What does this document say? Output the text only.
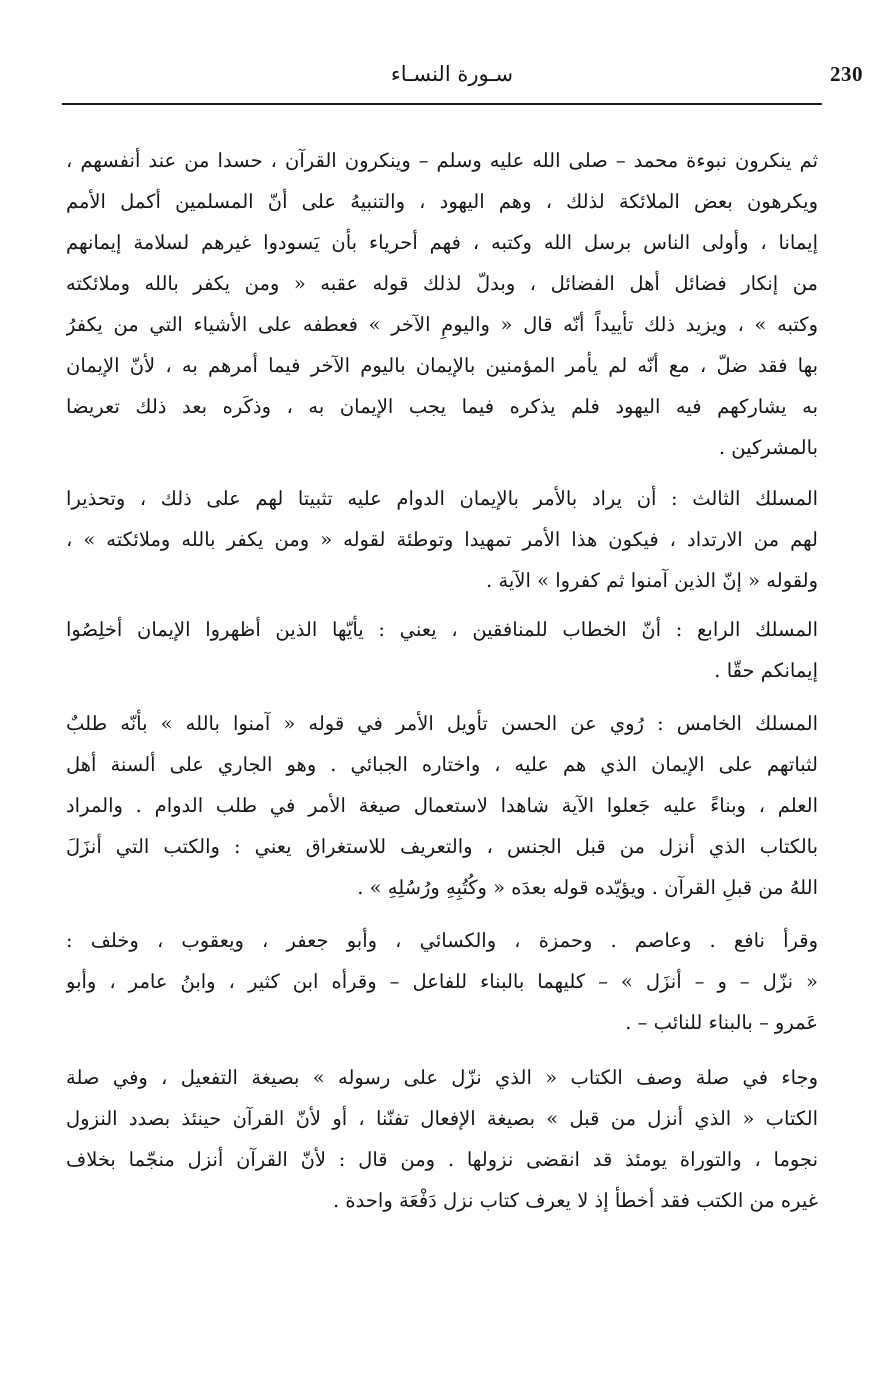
230
سـورة النسـاء
ثم ينكرون نبوءة محمد – صلى الله عليه وسلم – وينكرون القرآن ، حسدا من عند أنفسهم ،
ويكرهون بعض الملائكة لذلك ، وهم اليهود ، والتنبيهُ على أنّ المسلمين أكمل الأمم
إيمانا ، وأولى الناس برسل الله وكتبه ، فهم أحرياء بأن يَسودوا غيرهم لسلامة إيمانهم
من إنكار فضائل أهل الفضائل ، وبدلّ لذلك قوله عقبه « ومن يكفر بالله وملائكته
وكتبه » ، ويزيد ذلك تأييداً أنّه قال « واليومِ الآخر » فعطفه على الأشياء التي من يكفرُ
بها فقد ضلّ ، مع أنّه لم يأمر المؤمنين بالإيمان باليوم الآخر فيما أمرهم به ، لأنّ الإيمان
به يشاركهم فيه اليهود فلم يذكره فيما يجب الإيمان به ، وذكَره بعد ذلك تعريضا
بالمشركين .
المسلك الثالث : أن يراد بالأمر بالإيمان الدوام عليه تثبيتا لهم على ذلك ، وتحذيرا
لهم من الارتداد ، فيكون هذا الأمر تمهيدا وتوطئة لقوله « ومن يكفر بالله وملائكته » ،
ولقوله « إنّ الذين آمنوا ثم كفروا » الآية .
المسلك الرابع : أنّ الخطاب للمنافقين ، يعني : يأيّها الذين أظهروا الإيمان أخلِصُوا
إيمانكم حقّا .
المسلك الخامس : رُوي عن الحسن تأويل الأمر في قوله « آمنوا بالله » بأنّه طلبٌ
لثباتهم على الإيمان الذي هم عليه ، واختاره الجبائي . وهو الجاري على ألسنة أهل
العلم ، وبناءً عليه جَعلوا الآية شاهدا لاستعمال صيغة الأمر في طلب الدوام . والمراد
بالكتاب الذي أنزل من قبل الجنس ، والتعريف للاستغراق يعني : والكتب التي أنزَلَ
اللهُ من قبلِ القرآن . ويؤيّده قوله بعدَه « وكُتُبِهِ ورُسُلِهِ » .
وقرأ نافع . وعاصم . وحمزة ، والكسائي ، وأبو جعفر ، ويعقوب ، وخلف :
« نزّل – و – أنزَل » – كليهما بالبناء للفاعل – وقرأه ابن كثير ، وابنُ عامر ، وأبو
عَمرو – بالبناء للنائب – .
وجاء في صلة وصف الكتاب « الذي نزّل على رسوله » بصيغة التفعيل ، وفي صلة
الكتاب « الذي أنزل من قبل » بصيغة الإفعال تفنّنا ، أو لأنّ القرآن حينئذ بصدد النزول
نجوما ، والتوراة يومئذ قد انقضى نزولها . ومن قال : لأنّ القرآن أنزل منجّما بخلاف
غيره من الكتب فقد أخطأ إذ لا يعرف كتاب نزل دَفْعَة واحدة .
